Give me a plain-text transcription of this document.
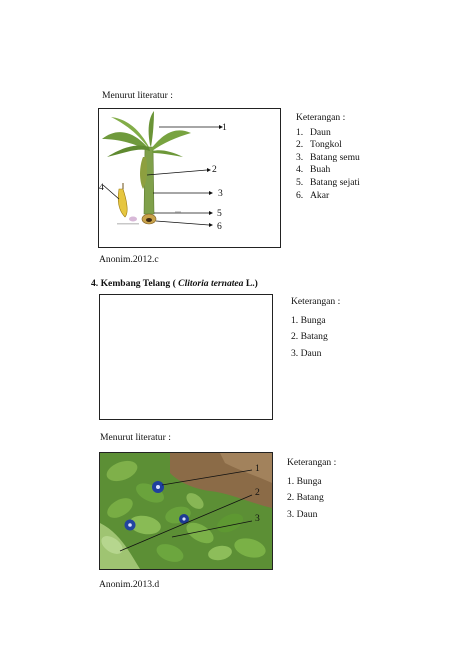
Menurut literatur :
1
2
3
4
5
6
Keterangan :
1. Daun
2. Tongkol
3. Batang semu
4. Buah
5. Batang sejati
6. Akar
Anonim.2012.c
4. Kembang Telang ( Clitoria ternatea L.)
Keterangan :
1. Bunga
2. Batang
3. Daun
Menurut literatur :
1
2
3
Keterangan :
1. Bunga
2. Batang
3. Daun
Anonim.2013.d
